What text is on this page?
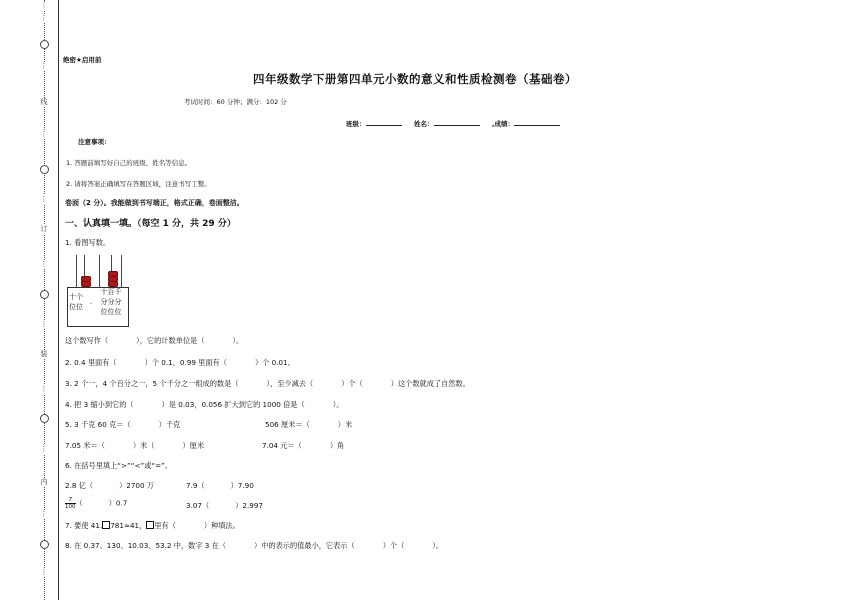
⋮
⋮
⋮
线
⋮
⋮
订
⋮
⋮
装
⋮
⋮
内
⋮
⋮
绝密★启用前
四年级数学下册第四单元小数的意义和性质检测卷（基础卷）
考试时间：60 分钟；满分：102 分
班级：	姓名：	,成绩：
注意事项：
1. 答题前填写好自己的班级、姓名等信息。
2. 请将答案正确填写在答题区域，注意书写工整。
卷面（2 分）。我能做到书写端正，格式正确，卷面整洁。
一、认真填一填。（每空 1 分，共 29 分）
1. 看图写数。
十个
位位
.
十百千
分分分
位位位
这个数写作（	），它的计数单位是（	）。
2. 0.4 里面有（	）个 0.1，0.99 里面有（	）个 0.01。
3. 2 个一，4 个百分之一，5 个千分之一组成的数是（	），至少减去（	）个（	）这个数就成了自然数。
4. 把 3 缩小到它的（	）是 0.03，0.056 扩大到它的 1000 倍是（	）。
5. 3 千克 60 克＝（	）千克	506 厘米＝（	）米
7.05 米＝（	）米（	）厘米	7.04 元＝（	）角
6. 在括号里填上“>”“<”或“=”。
2.8 亿（	）2700 万	7.9（	）7.90
$\frac{7}{100}$ （	）0.7	3.07（	）2.997
7. 要使 41. 781≈41， 里有（	）种填法。
8. 在 0.37、130、10.03、53.2 中，数字 3 在（	）中的表示的值最小，它表示（	）个（	）。
